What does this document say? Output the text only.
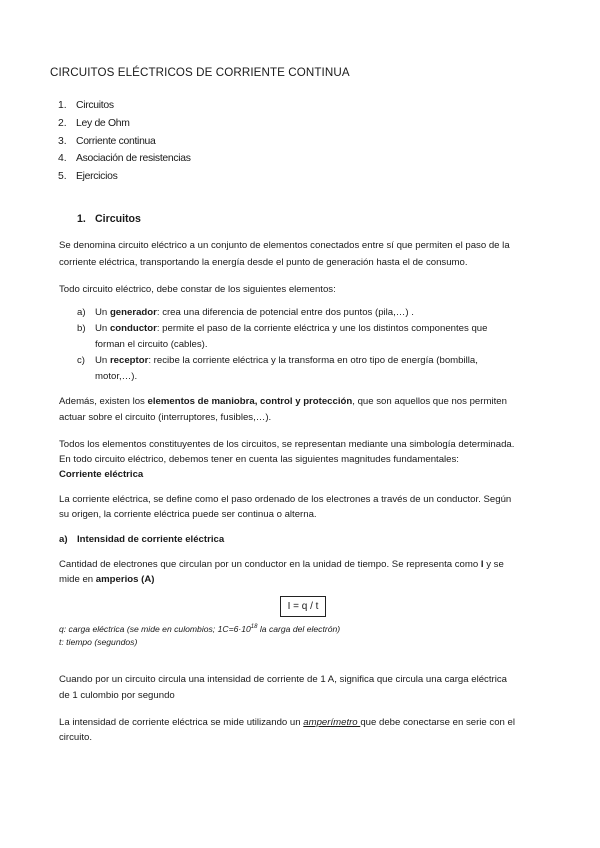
CIRCUITOS ELÉCTRICOS DE CORRIENTE CONTINUA
1. Circuitos
2. Ley de Ohm
3. Corriente continua
4. Asociación de resistencias
5. Ejercicios
1. Circuitos
Se denomina circuito eléctrico a un conjunto de elementos conectados entre sí que permiten el paso de la
corriente eléctrica, transportando la energía desde el punto de generación hasta el de consumo.
Todo circuito eléctrico, debe constar de los siguientes elementos:
a) Un generador: crea una diferencia de potencial entre dos puntos (pila,…) .
b) Un conductor: permite el paso de la corriente eléctrica y une los distintos componentes que
forman el circuito (cables).
c) Un receptor: recibe la corriente eléctrica y la transforma en otro tipo de energía (bombilla,
motor,…).
Además, existen los elementos de maniobra, control y protección, que son aquellos que nos permiten
actuar sobre el circuito (interruptores, fusibles,…).
Todos los elementos constituyentes de los circuitos, se representan mediante una simbología determinada.
En todo circuito eléctrico, debemos tener en cuenta las siguientes magnitudes fundamentales:
Corriente eléctrica
La corriente eléctrica, se define como el paso ordenado de los electrones a través de un conductor. Según
su origen, la corriente eléctrica puede ser continua o alterna.
a) Intensidad de corriente eléctrica
Cantidad de electrones que circulan por un conductor en la unidad de tiempo. Se representa como I y se
mide en amperios (A)
I = q / t
q: carga eléctrica (se mide en culombios; $1C=6\cdot 10^{18}$ la carga del electrón)
t: tiempo (segundos)
Cuando por un circuito circula una intensidad de corriente de 1 A, significa que circula una carga eléctrica
de 1 culombio por segundo
La intensidad de corriente eléctrica se mide utilizando un amperímetro que debe conectarse en serie con el
circuito.
